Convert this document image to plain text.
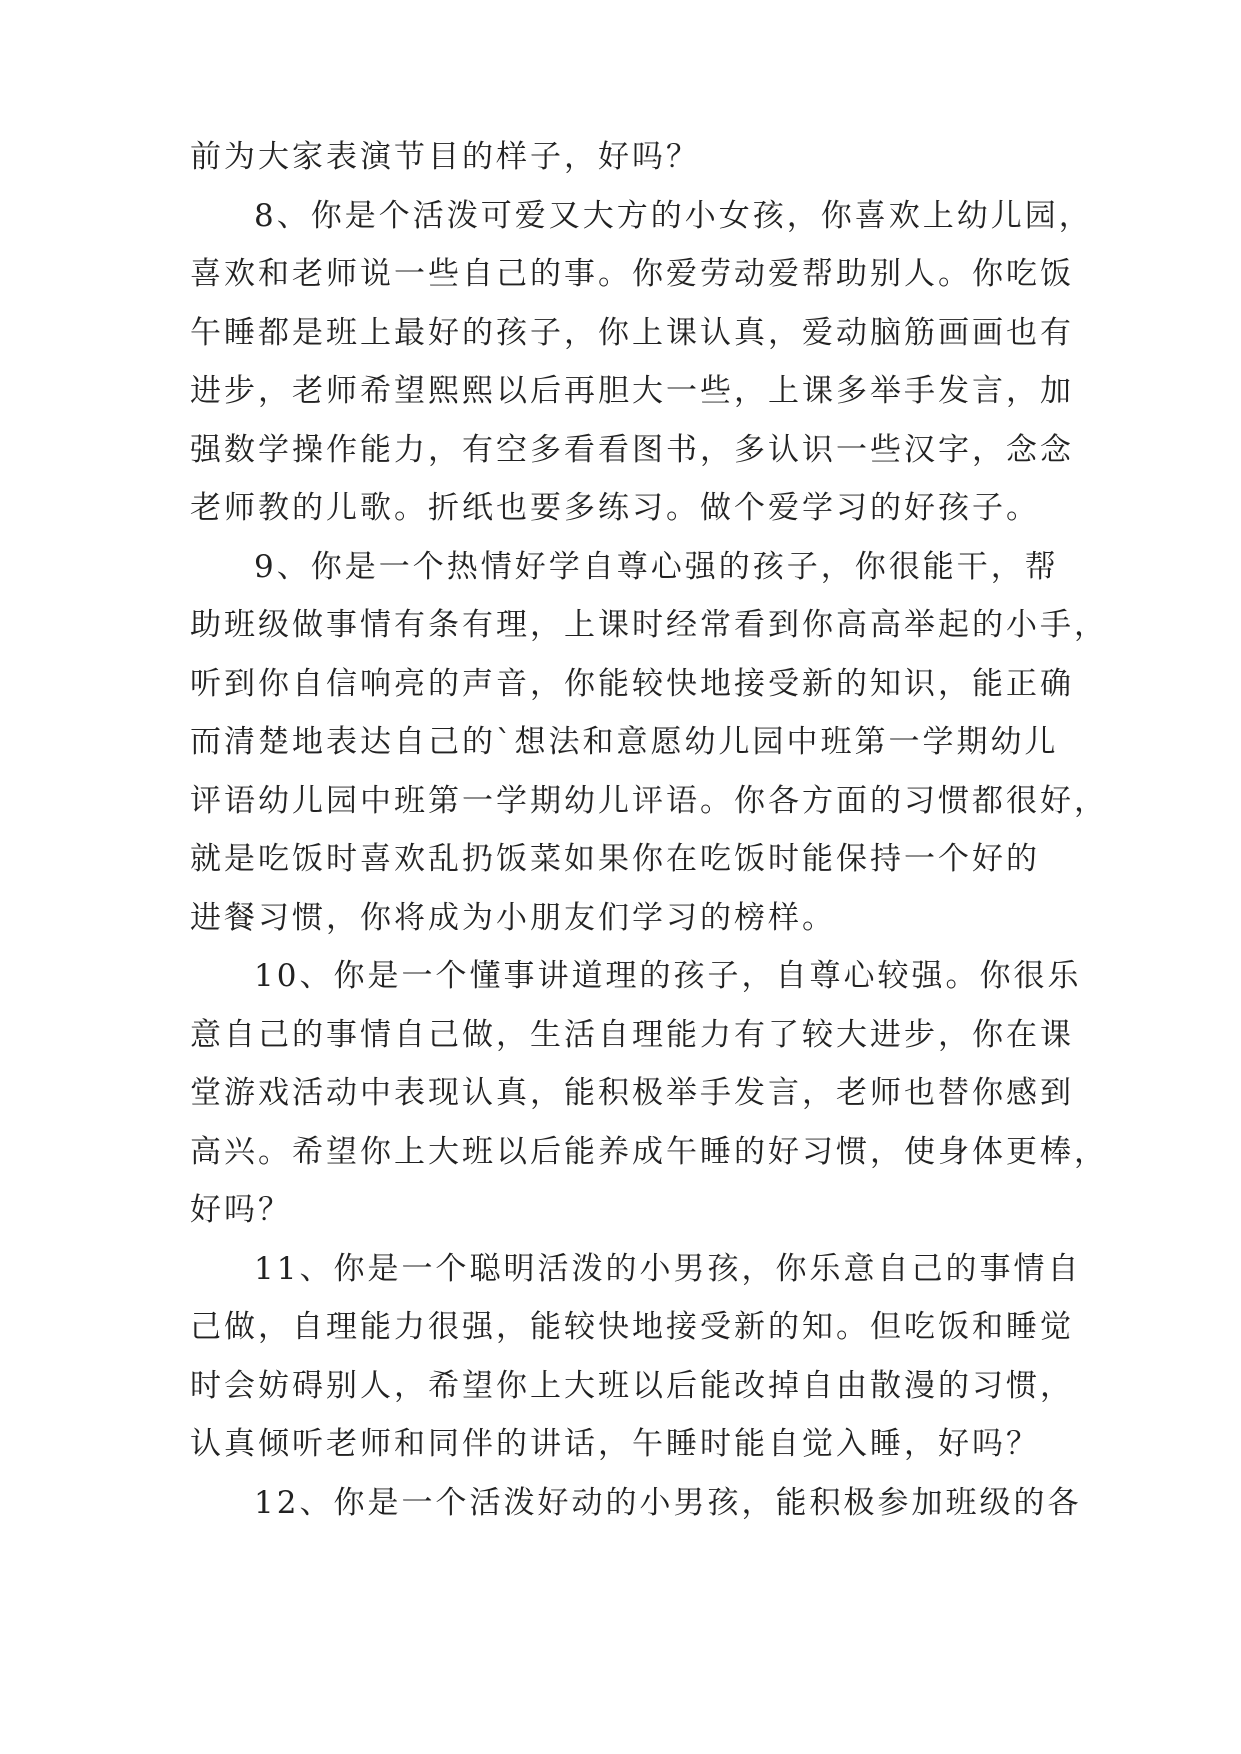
前为大家表演节目的样子，好吗？
8、你是个活泼可爱又大方的小女孩，你喜欢上幼儿园，
喜欢和老师说一些自己的事。你爱劳动爱帮助别人。你吃饭
午睡都是班上最好的孩子，你上课认真，爱动脑筋画画也有
进步，老师希望熙熙以后再胆大一些，上课多举手发言，加
强数学操作能力，有空多看看图书，多认识一些汉字，念念
老师教的儿歌。折纸也要多练习。做个爱学习的好孩子。
9、你是一个热情好学自尊心强的孩子，你很能干，帮
助班级做事情有条有理，上课时经常看到你高高举起的小手，
听到你自信响亮的声音，你能较快地接受新的知识，能正确
而清楚地表达自己的`想法和意愿幼儿园中班第一学期幼儿
评语幼儿园中班第一学期幼儿评语。你各方面的习惯都很好，
就是吃饭时喜欢乱扔饭菜如果你在吃饭时能保持一个好的
进餐习惯，你将成为小朋友们学习的榜样。
10、你是一个懂事讲道理的孩子，自尊心较强。你很乐
意自己的事情自己做，生活自理能力有了较大进步，你在课
堂游戏活动中表现认真，能积极举手发言，老师也替你感到
高兴。希望你上大班以后能养成午睡的好习惯，使身体更棒，
好吗？
11、你是一个聪明活泼的小男孩，你乐意自己的事情自
己做，自理能力很强，能较快地接受新的知。但吃饭和睡觉
时会妨碍别人，希望你上大班以后能改掉自由散漫的习惯，
认真倾听老师和同伴的讲话，午睡时能自觉入睡，好吗？
12、你是一个活泼好动的小男孩，能积极参加班级的各
